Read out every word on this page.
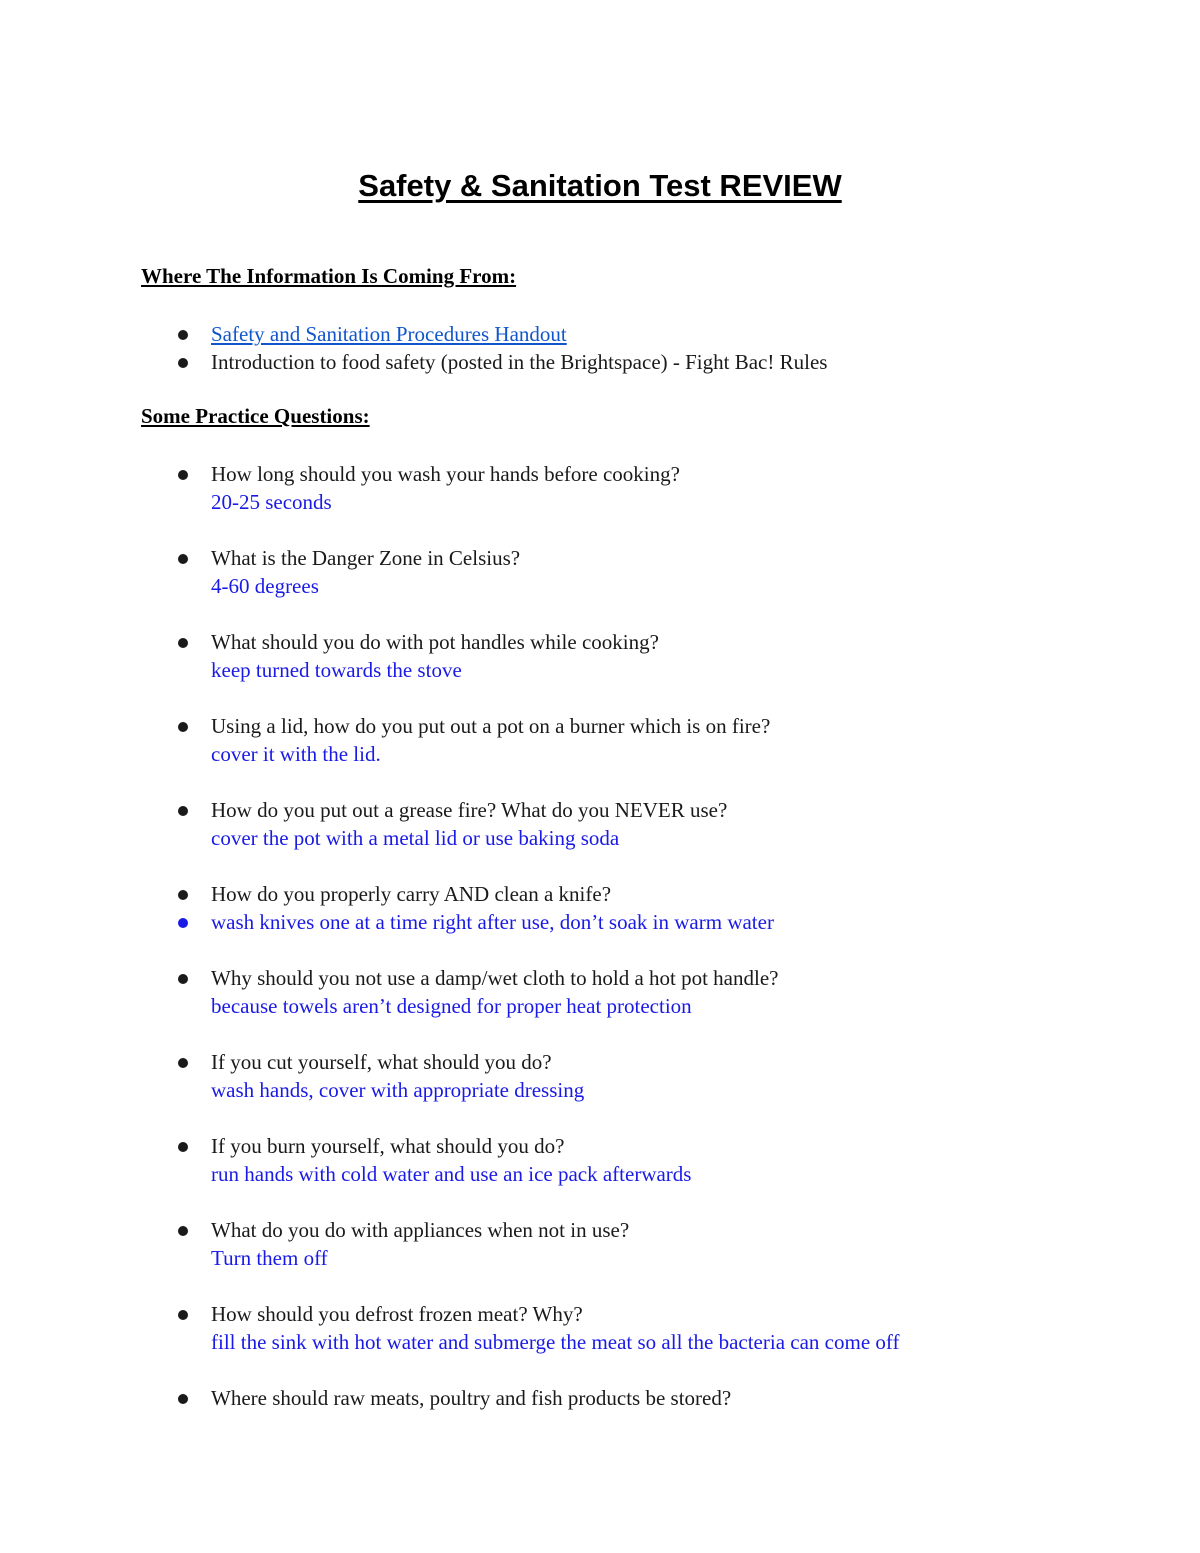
Safety & Sanitation Test REVIEW
Where The Information Is Coming From:
Safety and Sanitation Procedures Handout
Introduction to food safety (posted in the Brightspace) - Fight Bac! Rules
Some Practice Questions:
How long should you wash your hands before cooking?
20-25 seconds
What is the Danger Zone in Celsius?
4-60 degrees
What should you do with pot handles while cooking?
keep turned towards the stove
Using a lid, how do you put out a pot on a burner which is on fire?
cover it with the lid.
How do you put out a grease fire? What do you NEVER use?
cover the pot with a metal lid or use baking soda
How do you properly carry AND clean a knife?
wash knives one at a time right after use, don’t soak in warm water
Why should you not use a damp/wet cloth to hold a hot pot handle?
because towels aren’t designed for proper heat protection
If you cut yourself, what should you do?
wash hands, cover with appropriate dressing
If you burn yourself, what should you do?
run hands with cold water and use an ice pack afterwards
What do you do with appliances when not in use?
Turn them off
How should you defrost frozen meat? Why?
fill the sink with hot water and submerge the meat so all the bacteria can come off
Where should raw meats, poultry and fish products be stored?
